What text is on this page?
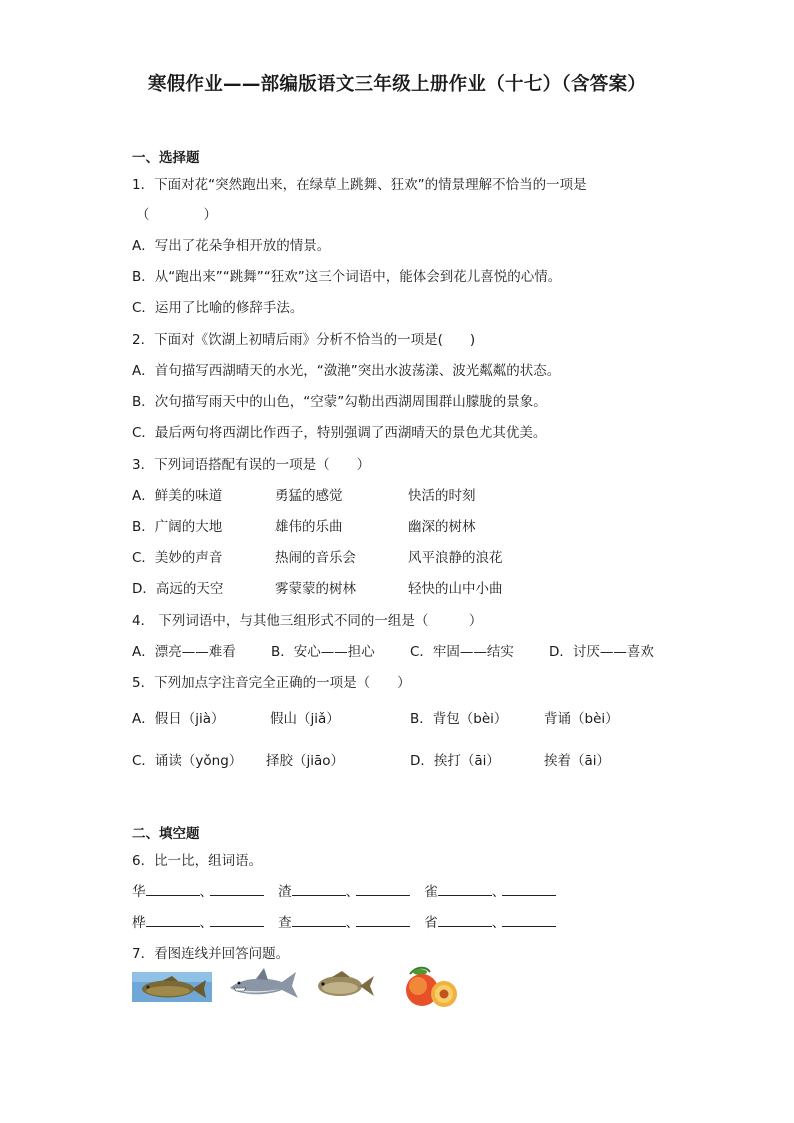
寒假作业——部编版语文三年级上册作业（十七）（含答案）
一、选择题
1．下面对花“突然跑出来，在绿草上跳舞、狂欢”的情景理解不恰当的一项是
（　　　　）
A．写出了花朵争相开放的情景。
B．从“跑出来”“跳舞”“狂欢”这三个词语中，能体会到花儿喜悦的心情。
C．运用了比喻的修辞手法。
2．下面对《饮湖上初晴后雨》分析不恰当的一项是(　　)
A．首句描写西湖晴天的水光，“潋滟”突出水波荡漾、波光粼粼的状态。
B．次句描写雨天中的山色，“空蒙”勾勒出西湖周围群山朦胧的景象。
C．最后两句将西湖比作西子，特别强调了西湖晴天的景色尤其优美。
3．下列词语搭配有误的一项是（　　）
A．鲜美的味道	勇猛的感觉	快活的时刻
B．广阔的大地	雄伟的乐曲	幽深的树林
C．美妙的声音	热闹的音乐会	风平浪静的浪花
D．高远的天空	雾蒙蒙的树林	轻快的山中小曲
4． 下列词语中，与其他三组形式不同的一组是（　　　）
A．漂亮——难看	B．安心——担心	C．牢固——结实	D．讨厌——喜欢
5．下列加点字注音完全正确的一项是（　　）
A．假日（jià）	假山（jiǎ）	B．背包（bèi）	背诵（bèi）
C．诵读（yǒng） 择胶（jiāo）	D．挨打（āi）	挨着（āi）
二、填空题
6．比一比，组词语。
华	、	渣	、	雀	、
桦	、	查	、	省	、
7．看图连线并回答问题。
